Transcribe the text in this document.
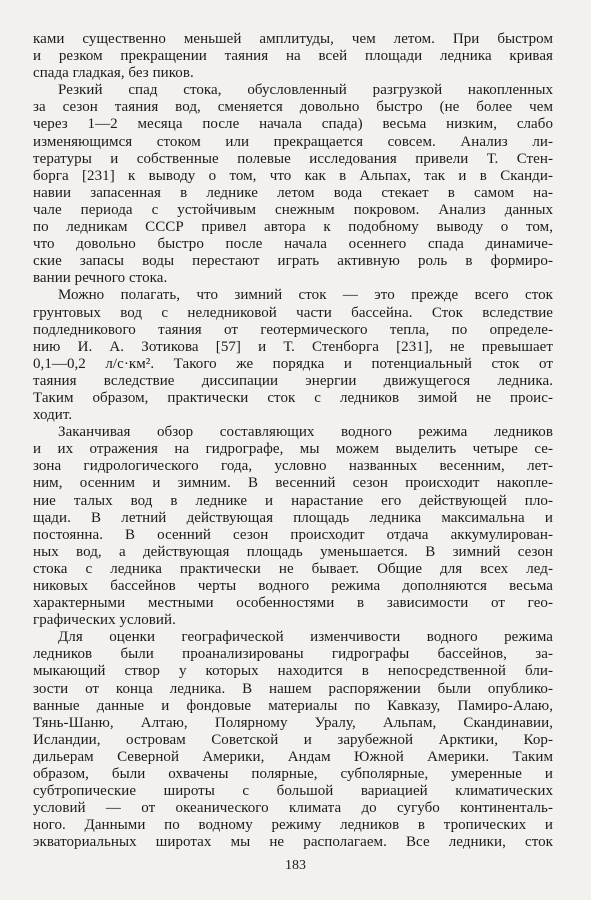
ками существенно меньшей амплитуды, чем летом. При быстром
и резком прекращении таяния на всей площади ледника кривая
спада гладкая, без пиков.
Резкий спад стока, обусловленный разгрузкой накопленных
за сезон таяния вод, сменяется довольно быстро (не более чем
через 1—2 месяца после начала спада) весьма низким, слабо
изменяющимся стоком или прекращается совсем. Анализ ли-
тературы и собственные полевые исследования привели Т. Стен-
борга [231] к выводу о том, что как в Альпах, так и в Сканди-
навии запасенная в леднике летом вода стекает в самом на-
чале периода с устойчивым снежным покровом. Анализ данных
по ледникам СССР привел автора к подобному выводу о том,
что довольно быстро после начала осеннего спада динамиче-
ские запасы воды перестают играть активную роль в формиро-
вании речного стока.
Можно полагать, что зимний сток — это прежде всего сток
грунтовых вод с неледниковой части бассейна. Сток вследствие
подледникового таяния от геотермического тепла, по определе-
нию И. А. Зотикова [57] и Т. Стенборга [231], не превышает
0,1—0,2 л/с·км². Такого же порядка и потенциальный сток от
таяния вследствие диссипации энергии движущегося ледника.
Таким образом, практически сток с ледников зимой не проис-
ходит.
Заканчивая обзор составляющих водного режима ледников
и их отражения на гидрографе, мы можем выделить четыре се-
зона гидрологического года, условно названных весенним, лет-
ним, осенним и зимним. В весенний сезон происходит накопле-
ние талых вод в леднике и нарастание его действующей пло-
щади. В летний действующая площадь ледника максимальна и
постоянна. В осенний сезон происходит отдача аккумулирован-
ных вод, а действующая площадь уменьшается. В зимний сезон
стока с ледника практически не бывает. Общие для всех лед-
никовых бассейнов черты водного режима дополняются весьма
характерными местными особенностями в зависимости от гео-
графических условий.
Для оценки географической изменчивости водного режима
ледников были проанализированы гидрографы бассейнов, за-
мыкающий створ у которых находится в непосредственной бли-
зости от конца ледника. В нашем распоряжении были опублико-
ванные данные и фондовые материалы по Кавказу, Памиро-Алаю,
Тянь-Шаню, Алтаю, Полярному Уралу, Альпам, Скандинавии,
Исландии, островам Советской и зарубежной Арктики, Кор-
дильерам Северной Америки, Андам Южной Америки. Таким
образом, были охвачены полярные, субполярные, умеренные и
субтропические широты с большой вариацией климатических
условий — от океанического климата до сугубо континенталь-
ного. Данными по водному режиму ледников в тропических и
экваториальных широтах мы не располагаем. Все ледники, сток
183
